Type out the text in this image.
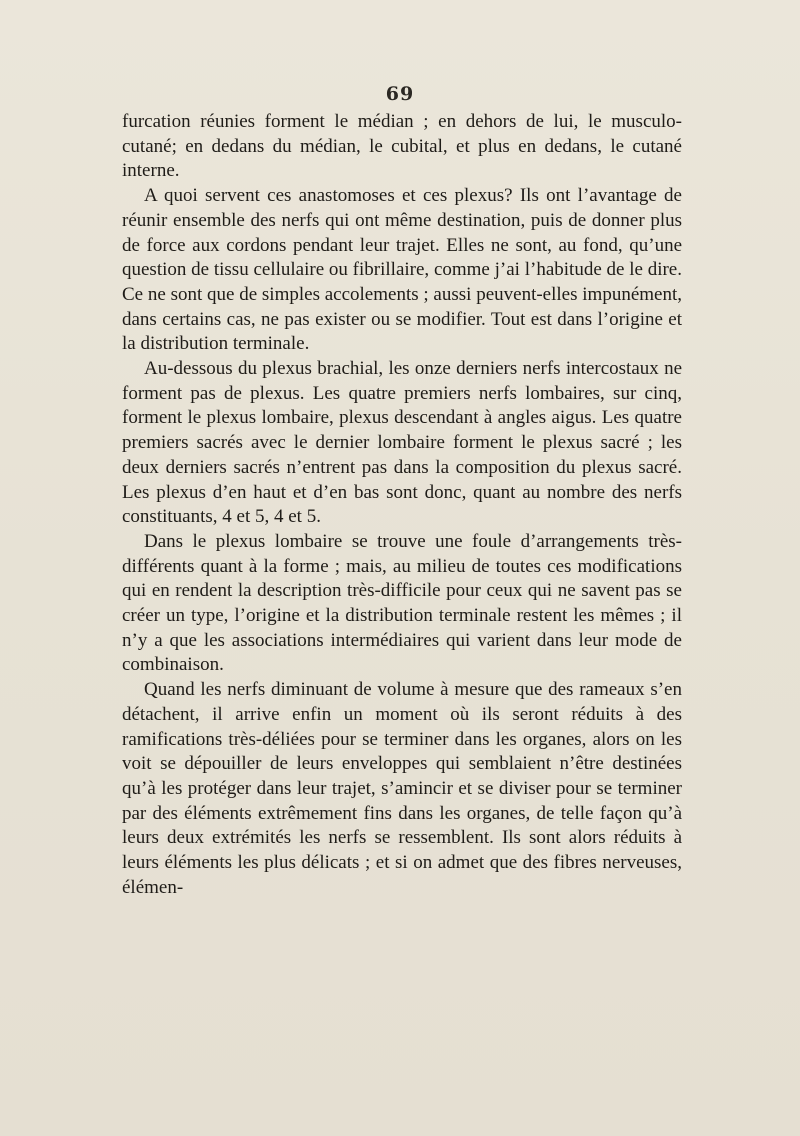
69

furcation réunies forment le médian ; en dehors de lui, le musculo-cutané; en dedans du médian, le cubital, et plus en dedans, le cutané interne.

A quoi servent ces anastomoses et ces plexus? Ils ont l’avantage de réunir ensemble des nerfs qui ont même destination, puis de donner plus de force aux cordons pendant leur trajet. Elles ne sont, au fond, qu’une question de tissu cellulaire ou fibrillaire, comme j’ai l’habitude de le dire. Ce ne sont que de simples accolements ; aussi peuvent-elles impunément, dans certains cas, ne pas exister ou se modifier. Tout est dans l’origine et la distribution terminale.

Au-dessous du plexus brachial, les onze derniers nerfs intercostaux ne forment pas de plexus. Les quatre premiers nerfs lombaires, sur cinq, forment le plexus lombaire, plexus descendant à angles aigus. Les quatre premiers sacrés avec le dernier lombaire forment le plexus sacré ; les deux derniers sacrés n’entrent pas dans la composition du plexus sacré. Les plexus d’en haut et d’en bas sont donc, quant au nombre des nerfs constituants, 4 et 5, 4 et 5.

Dans le plexus lombaire se trouve une foule d’arrangements très-différents quant à la forme ; mais, au milieu de toutes ces modifications qui en rendent la description très-difficile pour ceux qui ne savent pas se créer un type, l’origine et la distribution terminale restent les mêmes ; il n’y a que les associations intermédiaires qui varient dans leur mode de combinaison.

Quand les nerfs diminuant de volume à mesure que des rameaux s’en détachent, il arrive enfin un moment où ils seront réduits à des ramifications très-déliées pour se terminer dans les organes, alors on les voit se dépouiller de leurs enveloppes qui semblaient n’être destinées qu’à les protéger dans leur trajet, s’amincir et se diviser pour se terminer par des éléments extrêmement fins dans les organes, de telle façon qu’à leurs deux extrémités les nerfs se ressemblent. Ils sont alors réduits à leurs éléments les plus délicats ; et si on admet que des fibres nerveuses, élémen-
